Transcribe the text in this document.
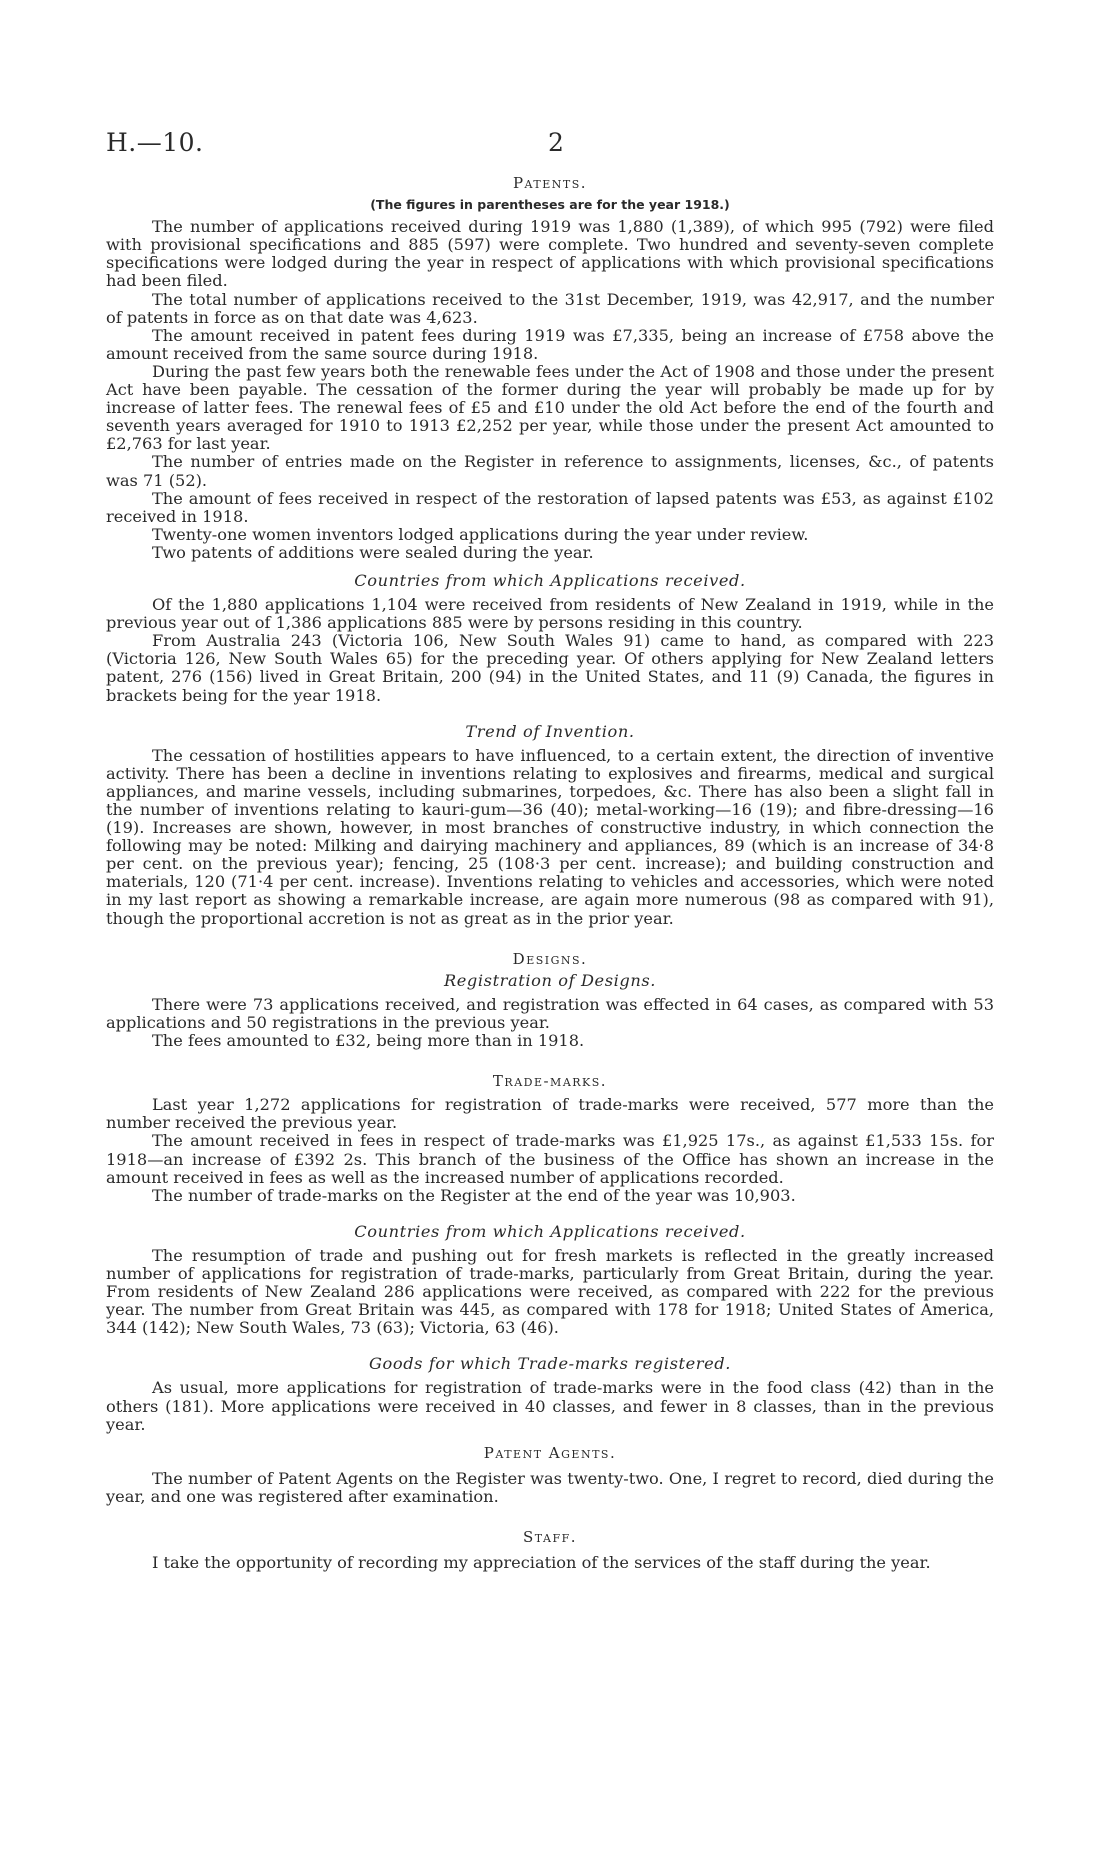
H.—10.	2
Patents.
(The figures in parentheses are for the year 1918.)

The number of applications received during 1919 was 1,880 (1,389), of which 995 (792) were filed with provisional specifications and 885 (597) were complete. Two hundred and seventy-seven complete specifications were lodged during the year in respect of applications with which provisional specifications had been filed.

The total number of applications received to the 31st December, 1919, was 42,917, and the number of patents in force as on that date was 4,623.

The amount received in patent fees during 1919 was £7,335, being an increase of £758 above the amount received from the same source during 1918.

During the past few years both the renewable fees under the Act of 1908 and those under the present Act have been payable. The cessation of the former during the year will probably be made up for by increase of latter fees. The renewal fees of £5 and £10 under the old Act before the end of the fourth and seventh years averaged for 1910 to 1913 £2,252 per year, while those under the present Act amounted to £2,763 for last year.

The number of entries made on the Register in reference to assignments, licenses, &c., of patents was 71 (52).

The amount of fees received in respect of the restoration of lapsed patents was £53, as against £102 received in 1918.

Twenty-one women inventors lodged applications during the year under review.

Two patents of additions were sealed during the year.

Countries from which Applications received.

Of the 1,880 applications 1,104 were received from residents of New Zealand in 1919, while in the previous year out of 1,386 applications 885 were by persons residing in this country.

From Australia 243 (Victoria 106, New South Wales 91) came to hand, as compared with 223 (Victoria 126, New South Wales 65) for the preceding year. Of others applying for New Zealand letters patent, 276 (156) lived in Great Britain, 200 (94) in the United States, and 11 (9) Canada, the figures in brackets being for the year 1918.

Trend of Invention.

The cessation of hostilities appears to have influenced, to a certain extent, the direction of inventive activity. There has been a decline in inventions relating to explosives and firearms, medical and surgical appliances, and marine vessels, including submarines, torpedoes, &c. There has also been a slight fall in the number of inventions relating to kauri-gum—36 (40); metal-working—16 (19); and fibre-dressing—16 (19). Increases are shown, however, in most branches of constructive industry, in which connection the following may be noted: Milking and dairying machinery and appliances, 89 (which is an increase of 34·8 per cent. on the previous year); fencing, 25 (108·3 per cent. increase); and building construction and materials, 120 (71·4 per cent. increase). Inventions relating to vehicles and accessories, which were noted in my last report as showing a remarkable increase, are again more numerous (98 as compared with 91), though the proportional accretion is not as great as in the prior year.

Designs.
Registration of Designs.

There were 73 applications received, and registration was effected in 64 cases, as compared with 53 applications and 50 registrations in the previous year.

The fees amounted to £32, being more than in 1918.

Trade-marks.

Last year 1,272 applications for registration of trade-marks were received, 577 more than the number received the previous year.

The amount received in fees in respect of trade-marks was £1,925 17s., as against £1,533 15s. for 1918—an increase of £392 2s. This branch of the business of the Office has shown an increase in the amount received in fees as well as the increased number of applications recorded.

The number of trade-marks on the Register at the end of the year was 10,903.

Countries from which Applications received.

The resumption of trade and pushing out for fresh markets is reflected in the greatly increased number of applications for registration of trade-marks, particularly from Great Britain, during the year. From residents of New Zealand 286 applications were received, as compared with 222 for the previous year. The number from Great Britain was 445, as compared with 178 for 1918; United States of America, 344 (142); New South Wales, 73 (63); Victoria, 63 (46).

Goods for which Trade-marks registered.

As usual, more applications for registration of trade-marks were in the food class (42) than in the others (181). More applications were received in 40 classes, and fewer in 8 classes, than in the previous year.

Patent Agents.

The number of Patent Agents on the Register was twenty-two. One, I regret to record, died during the year, and one was registered after examination.

Staff.

I take the opportunity of recording my appreciation of the services of the staff during the year.
